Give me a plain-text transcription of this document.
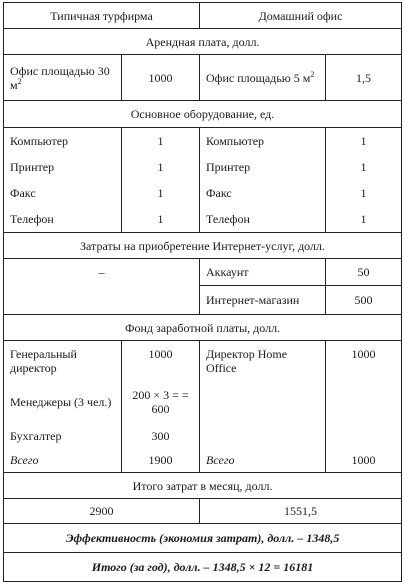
Типичная турфирма		Домашний офис	
Арендная плата, долл.			
Офис площадью 30 $м^2$	1000	Офис площадью 5 $м^2$	1,5
Основное оборудование, ед.			
Компьютер	1	Компьютер	1
Принтер	1	Принтер	1
Факс	1	Факс	1
Телефон	1	Телефон	1
Затраты на приобретение Интернет-услуг, долл.			
–		Аккаунт	50
		Интернет-магазин	500
Фонд заработной платы, долл.			
Генеральный директор	1000	Директор Home Office	1000
Менеджеры (3 чел.)	200 × 3 = = 600		
Бухгалтер	300		
Всего	1900	Всего	1000
Итого затрат в месяц, долл.			
2900		1551,5	
Эффективность (экономия затрат), долл. – 1348,5			
Итого (за год), долл. – 1348,5 × 12 = 16181			
